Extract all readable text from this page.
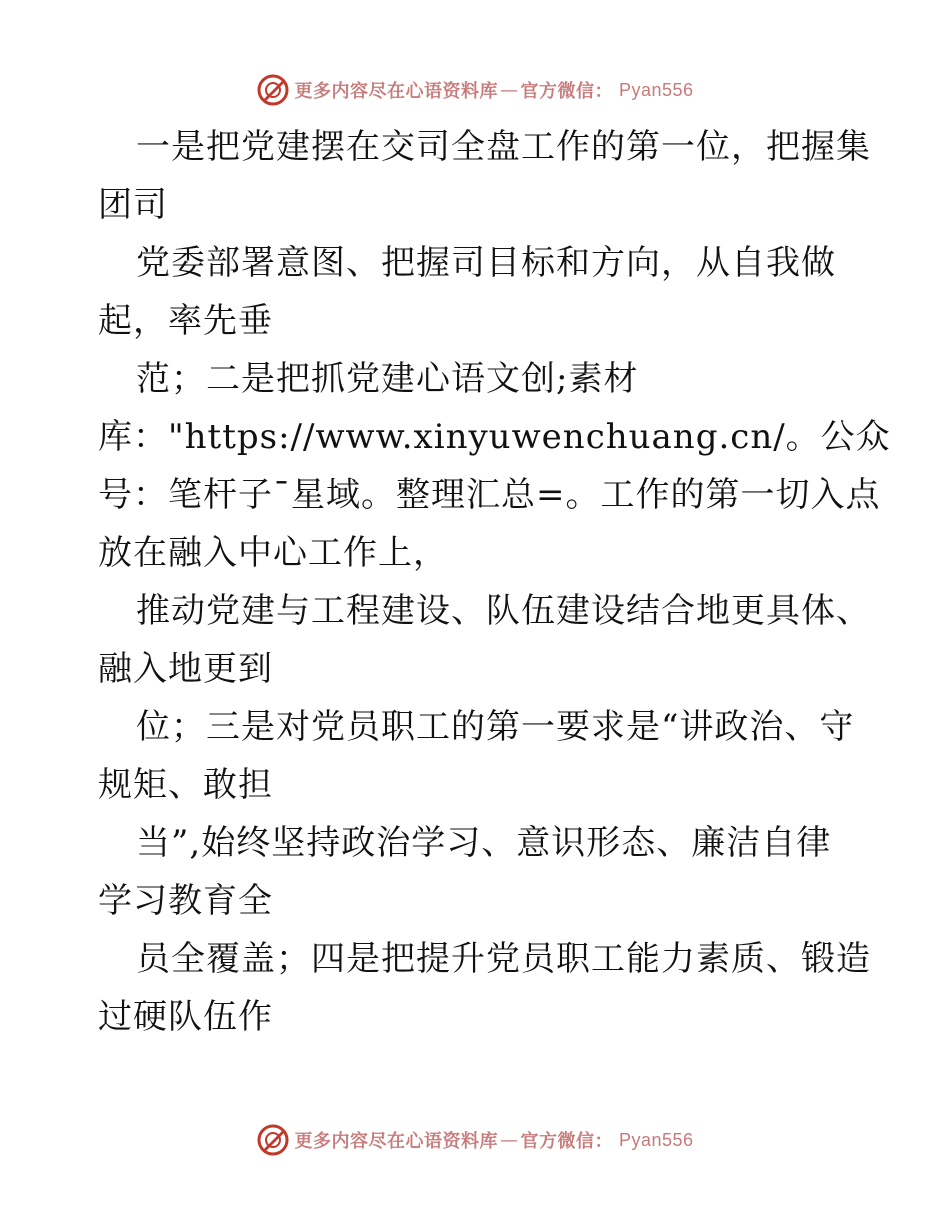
更多内容尽在心语资料库 — 官方微信： Pyan556
一是把党建摆在交司全盘工作的第一位，把握集
团司
党委部署意图、把握司目标和方向，从自我做
起，率先垂
范；二是把抓党建心语文创;素材
库："https://www.xinyuwenchuang.cn/。公众
号：笔杆子¯星域。整理汇总=。工作的第一切入点
放在融入中心工作上，
推动党建与工程建设、队伍建设结合地更具体、
融入地更到
位；三是对党员职工的第一要求是“讲政治、守
规矩、敢担
当”,始终坚持政治学习、意识形态、廉洁自律
学习教育全
员全覆盖；四是把提升党员职工能力素质、锻造
过硬队伍作
更多内容尽在心语资料库 — 官方微信： Pyan556
